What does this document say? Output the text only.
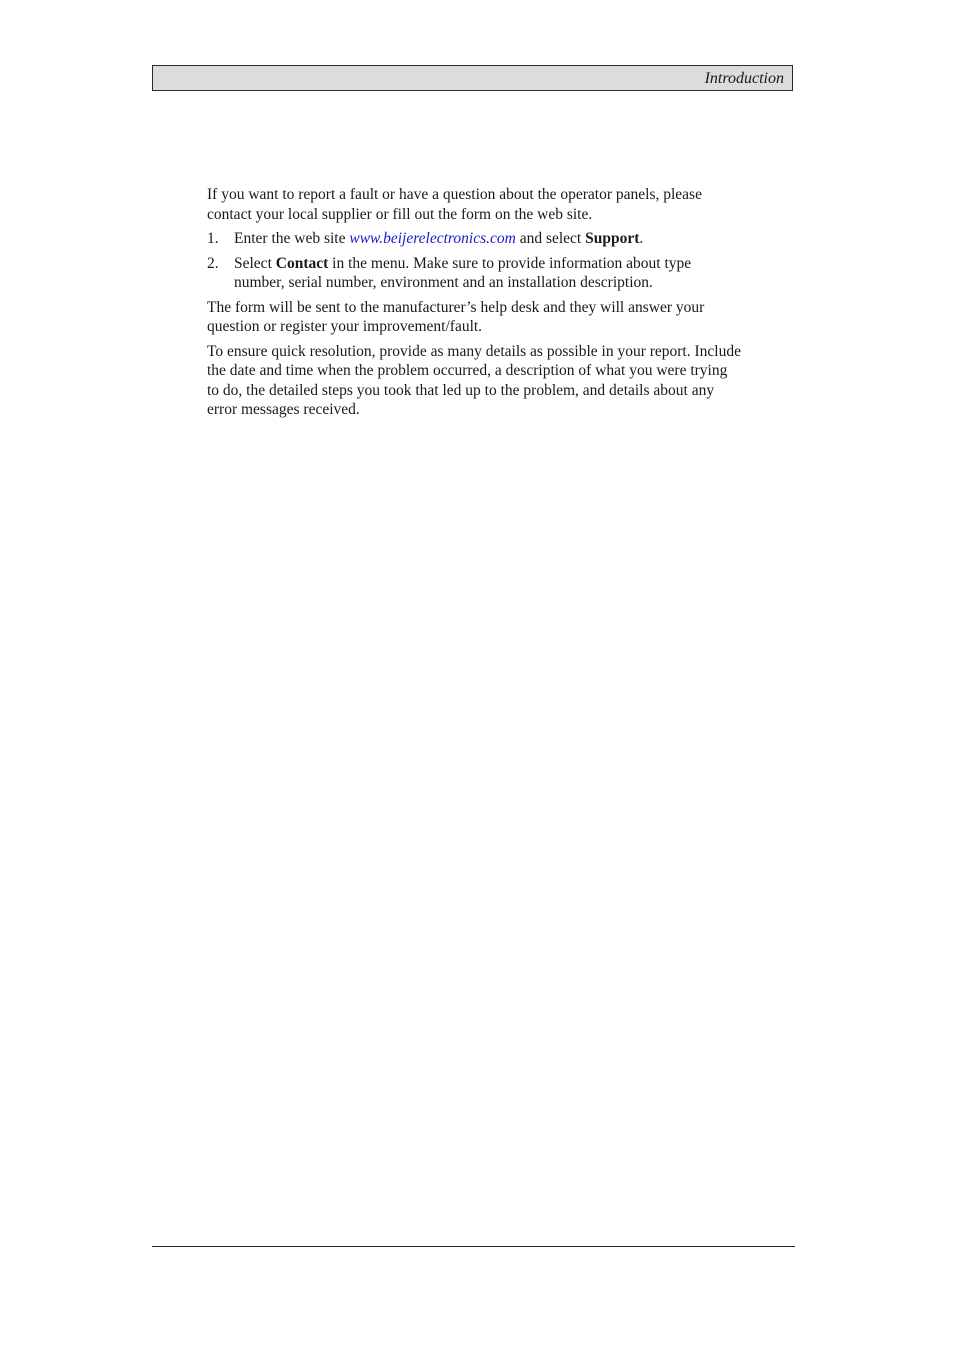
Introduction

If you want to report a fault or have a question about the operator panels, please contact your local supplier or fill out the form on the web site.

1. Enter the web site www.beijerelectronics.com and select Support.
2. Select Contact in the menu. Make sure to provide information about type number, serial number, environment and an installation description.

The form will be sent to the manufacturer’s help desk and they will answer your question or register your improvement/fault.

To ensure quick resolution, provide as many details as possible in your report. Include the date and time when the problem occurred, a description of what you were trying to do, the detailed steps you took that led up to the problem, and details about any error messages received.
